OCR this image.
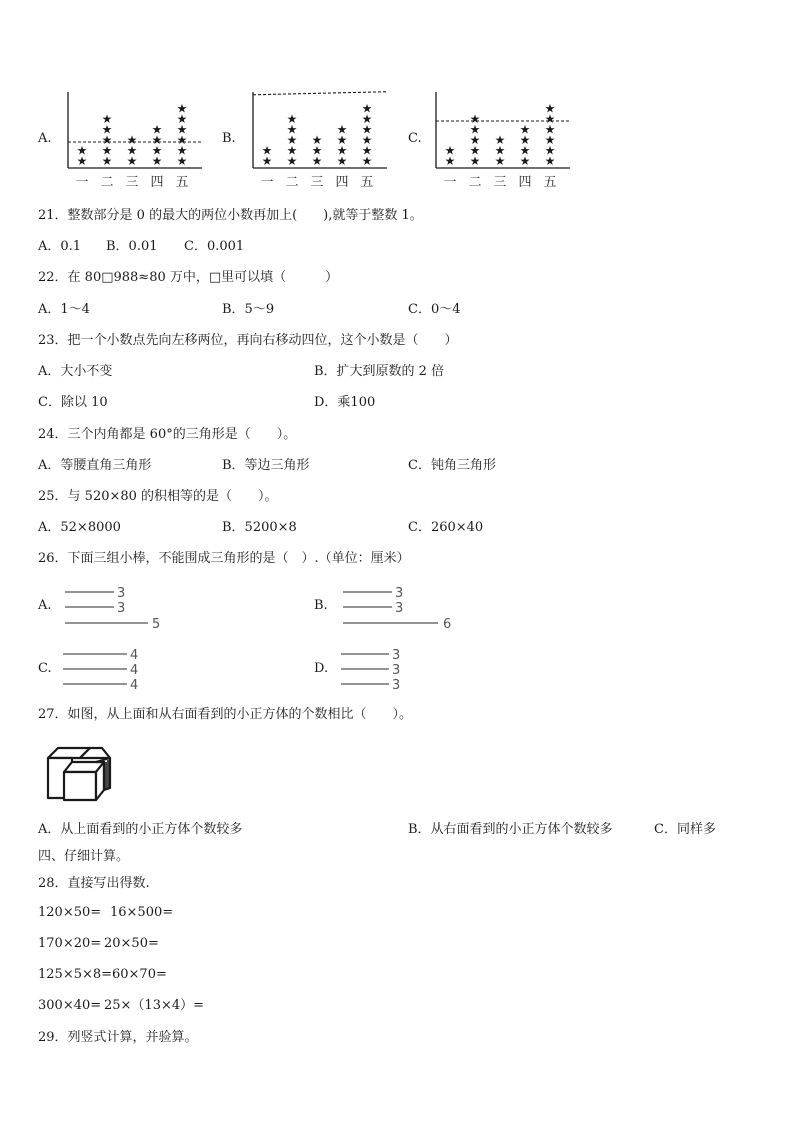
A.
★
★
一
★
★
★
★
★
二
★
★
★
三
★
★
★
★
四
★
★
★
★
★
★
五
B.
★
★
一
★
★
★
★
★
二
★
★
★
三
★
★
★
★
四
★
★
★
★
★
★
五
C.
★
★
一
★
★
★
★
★
二
★
★
★
三
★
★
★
★
四
★
★
★
★
★
★
五
21．整数部分是 0 的最大的两位小数再加上(　　),就等于整数 1。
A．0.1 B．0.01 C．0.001
22．在 80□988≈80 万中，□里可以填（　　　）
A．1～4	B．5～9	C．0～4
23．把一个小数点先向左移两位，再向右移动四位，这个小数是（　　）
A．大小不变	B．扩大到原数的 2 倍
C．除以 10	D．乘100
24．三个内角都是 60°的三角形是（　　）。
A．等腰直角三角形	B．等边三角形	C．钝角三角形
25．与 520×80 的积相等的是（　　）。
A．52×8000	B．5200×8	C．260×40
26．下面三组小棒，不能围成三角形的是（　）.（单位：厘米）
A.
3
3
5
B.
3
3
6
C.
4
4
4
D.
3
3
3
27．如图，从上面和从右面看到的小正方体的个数相比（　　）。
A．从上面看到的小正方体个数较多	B．从右面看到的小正方体个数较多	C．同样多
四、仔细计算。
28．直接写出得数.
120×50= 16×500=
170×20= 20×50=
125×5×8= 60×70=
300×40= 25×（13×4）=
29．列竖式计算，并验算。
